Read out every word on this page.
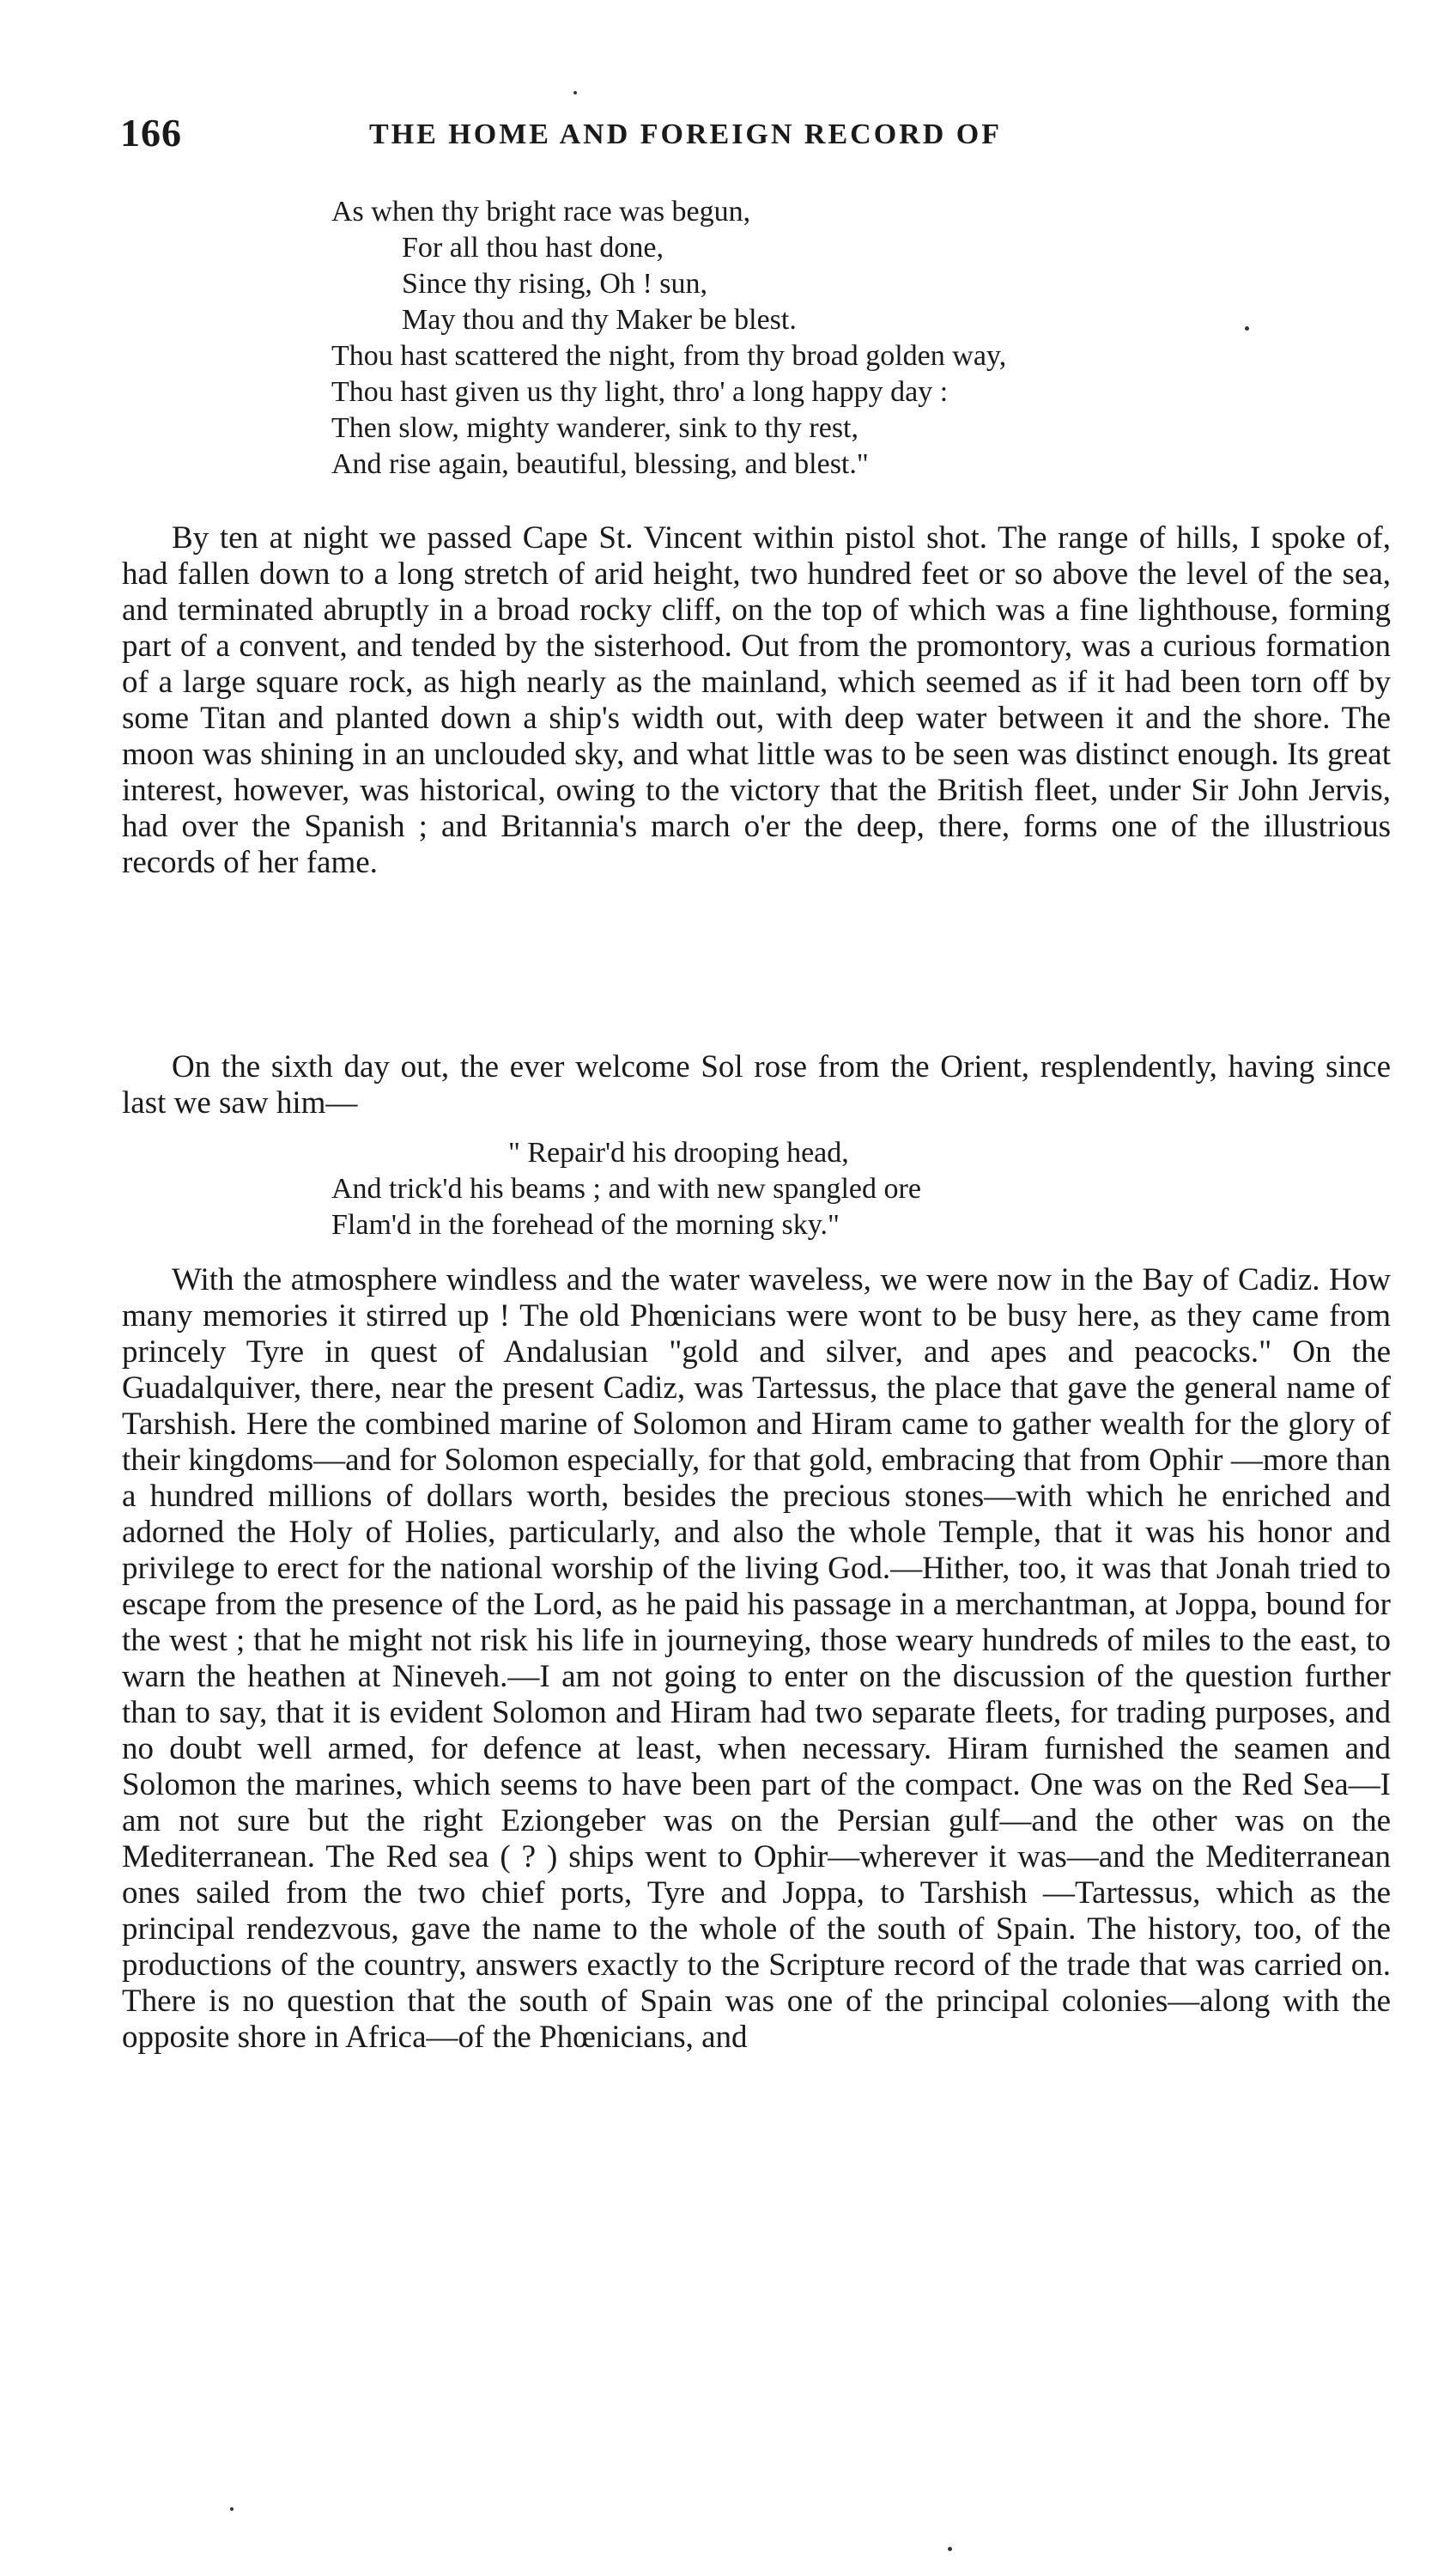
166	THE HOME AND FOREIGN RECORD OF
As when thy bright race was begun,
For all thou hast done,
Since thy rising, Oh ! sun,
May thou and thy Maker be blest.
Thou hast scattered the night, from thy broad golden way,
Thou hast given us thy light, thro' a long happy day :
Then slow, mighty wanderer, sink to thy rest,
And rise again, beautiful, blessing, and blest."

By ten at night we passed Cape St. Vincent within pistol shot. The range of hills, I spoke of, had fallen down to a long stretch of arid height, two hundred feet or so above the level of the sea, and terminated abruptly in a broad rocky cliff, on the top of which was a fine lighthouse, forming part of a convent, and tended by the sisterhood. Out from the promontory, was a curious formation of a large square rock, as high nearly as the mainland, which seemed as if it had been torn off by some Titan and planted down a ship's width out, with deep water between it and the shore. The moon was shining in an unclouded sky, and what little was to be seen was distinct enough. Its great interest, however, was historical, owing to the victory that the British fleet, under Sir John Jervis, had over the Spanish ; and Britannia's march o'er the deep, there, forms one of the illustrious records of her fame.

On the sixth day out, the ever welcome Sol rose from the Orient, resplendently, having since last we saw him—

" Repair'd his drooping head,
And trick'd his beams ; and with new spangled ore
Flam'd in the forehead of the morning sky."

With the atmosphere windless and the water waveless, we were now in the Bay of Cadiz. How many memories it stirred up ! The old Phœnicians were wont to be busy here, as they came from princely Tyre in quest of Andalusian "gold and silver, and apes and peacocks." On the Guadalquiver, there, near the present Cadiz, was Tartessus, the place that gave the general name of Tarshish. Here the combined marine of Solomon and Hiram came to gather wealth for the glory of their kingdoms—and for Solomon especially, for that gold, embracing that from Ophir —more than a hundred millions of dollars worth, besides the precious stones—with which he enriched and adorned the Holy of Holies, particularly, and also the whole Temple, that it was his honor and privilege to erect for the national worship of the living God.—Hither, too, it was that Jonah tried to escape from the presence of the Lord, as he paid his passage in a merchantman, at Joppa, bound for the west ; that he might not risk his life in journeying, those weary hundreds of miles to the east, to warn the heathen at Nineveh.—I am not going to enter on the discussion of the question further than to say, that it is evident Solomon and Hiram had two separate fleets, for trading purposes, and no doubt well armed, for defence at least, when necessary. Hiram furnished the seamen and Solomon the marines, which seems to have been part of the compact. One was on the Red Sea—I am not sure but the right Eziongeber was on the Persian gulf—and the other was on the Mediterranean. The Red sea ( ? ) ships went to Ophir—wherever it was—and the Mediterranean ones sailed from the two chief ports, Tyre and Joppa, to Tarshish —Tartessus, which as the principal rendezvous, gave the name to the whole of the south of Spain. The history, too, of the productions of the country, answers exactly to the Scripture record of the trade that was carried on. There is no question that the south of Spain was one of the principal colonies—along with the opposite shore in Africa—of the Phœnicians, and
